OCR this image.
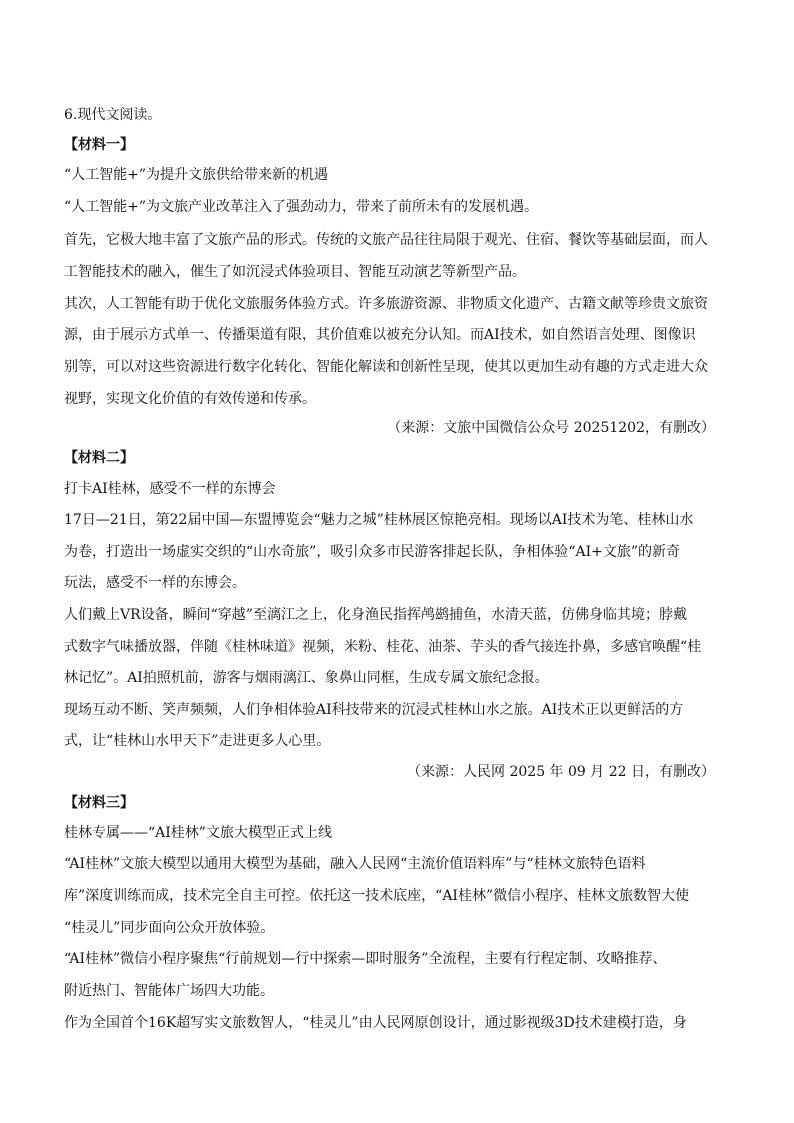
6.现代文阅读。
【材料一】
“人工智能+”为提升文旅供给带来新的机遇
“人工智能+”为文旅产业改革注入了强劲动力，带来了前所未有的发展机遇。
首先，它极大地丰富了文旅产品的形式。传统的文旅产品往往局限于观光、住宿、餐饮等基础层面，而人
工智能技术的融入，催生了如沉浸式体验项目、智能互动演艺等新型产品。
其次，人工智能有助于优化文旅服务体验方式。许多旅游资源、非物质文化遗产、古籍文献等珍贵文旅资
源，由于展示方式单一、传播渠道有限，其价值难以被充分认知。而AI技术，如自然语言处理、图像识
别等，可以对这些资源进行数字化转化、智能化解读和创新性呈现，使其以更加生动有趣的方式走进大众
视野，实现文化价值的有效传递和传承。
（来源：文旅中国微信公众号 20251202，有删改）
【材料二】
打卡AI桂林，感受不一样的东博会
17日—21日，第22届中国—东盟博览会“魅力之城”桂林展区惊艳亮相。现场以AI技术为笔、桂林山水
为卷，打造出一场虚实交织的“山水奇旅”，吸引众多市民游客排起长队，争相体验“AI+文旅”的新奇
玩法，感受不一样的东博会。
人们戴上VR设备，瞬间“穿越”至漓江之上，化身渔民指挥鸬鹚捕鱼，水清天蓝，仿佛身临其境；脖戴
式数字气味播放器，伴随《桂林味道》视频，米粉、桂花、油茶、芋头的香气接连扑鼻，多感官唤醒“桂
林记忆”。AI拍照机前，游客与烟雨漓江、象鼻山同框，生成专属文旅纪念报。
现场互动不断、笑声频频，人们争相体验AI科技带来的沉浸式桂林山水之旅。AI技术正以更鲜活的方
式，让“桂林山水甲天下”走进更多人心里。
（来源：人民网 2025 年 09 月 22 日，有删改）
【材料三】
桂林专属——“AI桂林”文旅大模型正式上线
“AI桂林”文旅大模型以通用大模型为基础，融入人民网“主流价值语料库”与“桂林文旅特色语料
库”深度训练而成，技术完全自主可控。依托这一技术底座，“AI桂林”微信小程序、桂林文旅数智大使
“桂灵儿”同步面向公众开放体验。
“AI桂林”微信小程序聚焦“行前规划—行中探索—即时服务”全流程，主要有行程定制、攻略推荐、
附近热门、智能体广场四大功能。
作为全国首个16K超写实文旅数智人，“桂灵儿”由人民网原创设计，通过影视级3D技术建模打造，身
